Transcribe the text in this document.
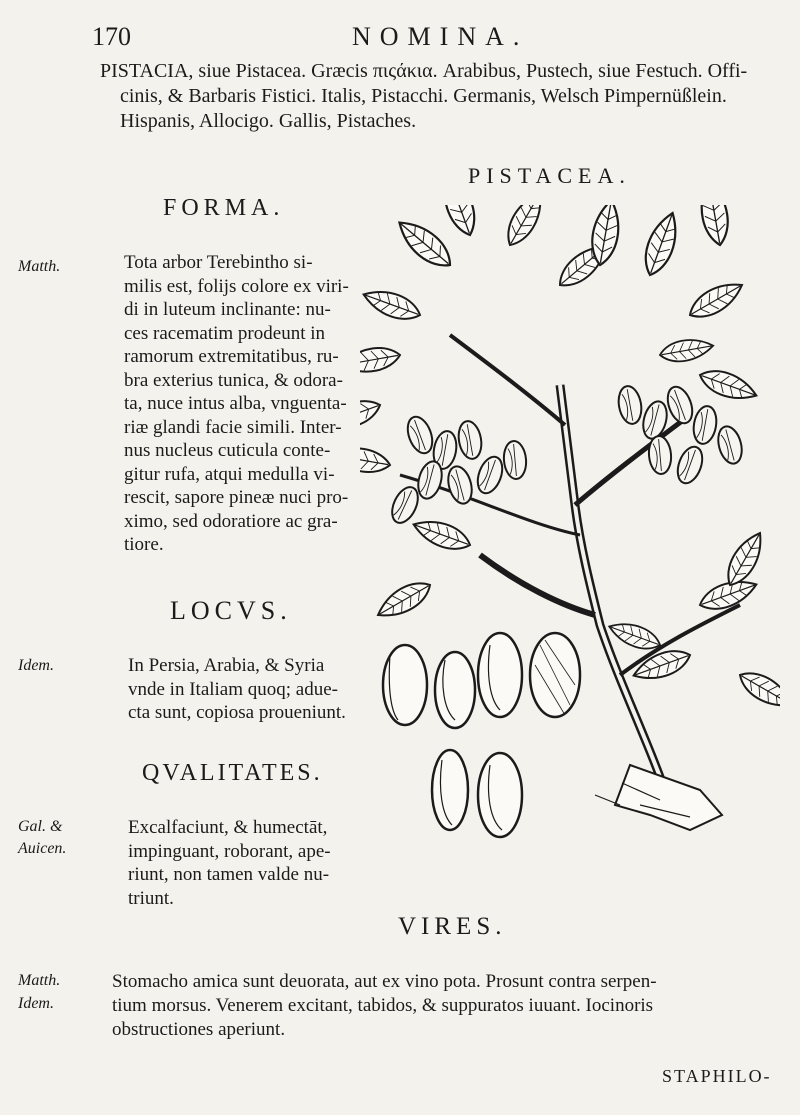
170	NOMINA.
PISTACIA, siue Pistacea. Græcis πιςάκια. Arabibus, Pustech, siue Festuch. Offi-
cinis, & Barbaris Fistici. Italis, Pistacchi. Germanis, Welsch Pimpernüßlein.
Hispanis, Allocigo. Gallis, Pistaches.
PISTACEA.
FORMA.
Matth.	Tota arbor Terebintho si-
milis est, folijs colore ex viri-
di in luteum inclinante: nu-
ces racematim prodeunt in
ramorum extremitatibus, ru-
bra exterius tunica, & odora-
ta, nuce intus alba, vnguenta-
riæ glandi facie simili. Inter-
nus nucleus cuticula conte-
gitur rufa, atqui medulla vi-
rescit, sapore pineæ nuci pro-
ximo, sed odoratiore ac gra-
tiore.
LOCVS.
Idem.	In Persia, Arabia, & Syria
vnde in Italiam quoq; adue-
cta sunt, copiosa proueniunt.
QVALITATES.
Gal. &
Auicen.
Excalfaciunt, & humectāt,
impinguant, roborant, ape-
riunt, non tamen valde nu-
triunt.
VIRES.
Matth.
Idem.
Stomacho amica sunt deuorata, aut ex vino pota. Prosunt contra serpen-
tium morsus. Venerem excitant, tabidos, & suppuratos iuuant. Iocinoris
obstructiones aperiunt.
STAPHILO-
